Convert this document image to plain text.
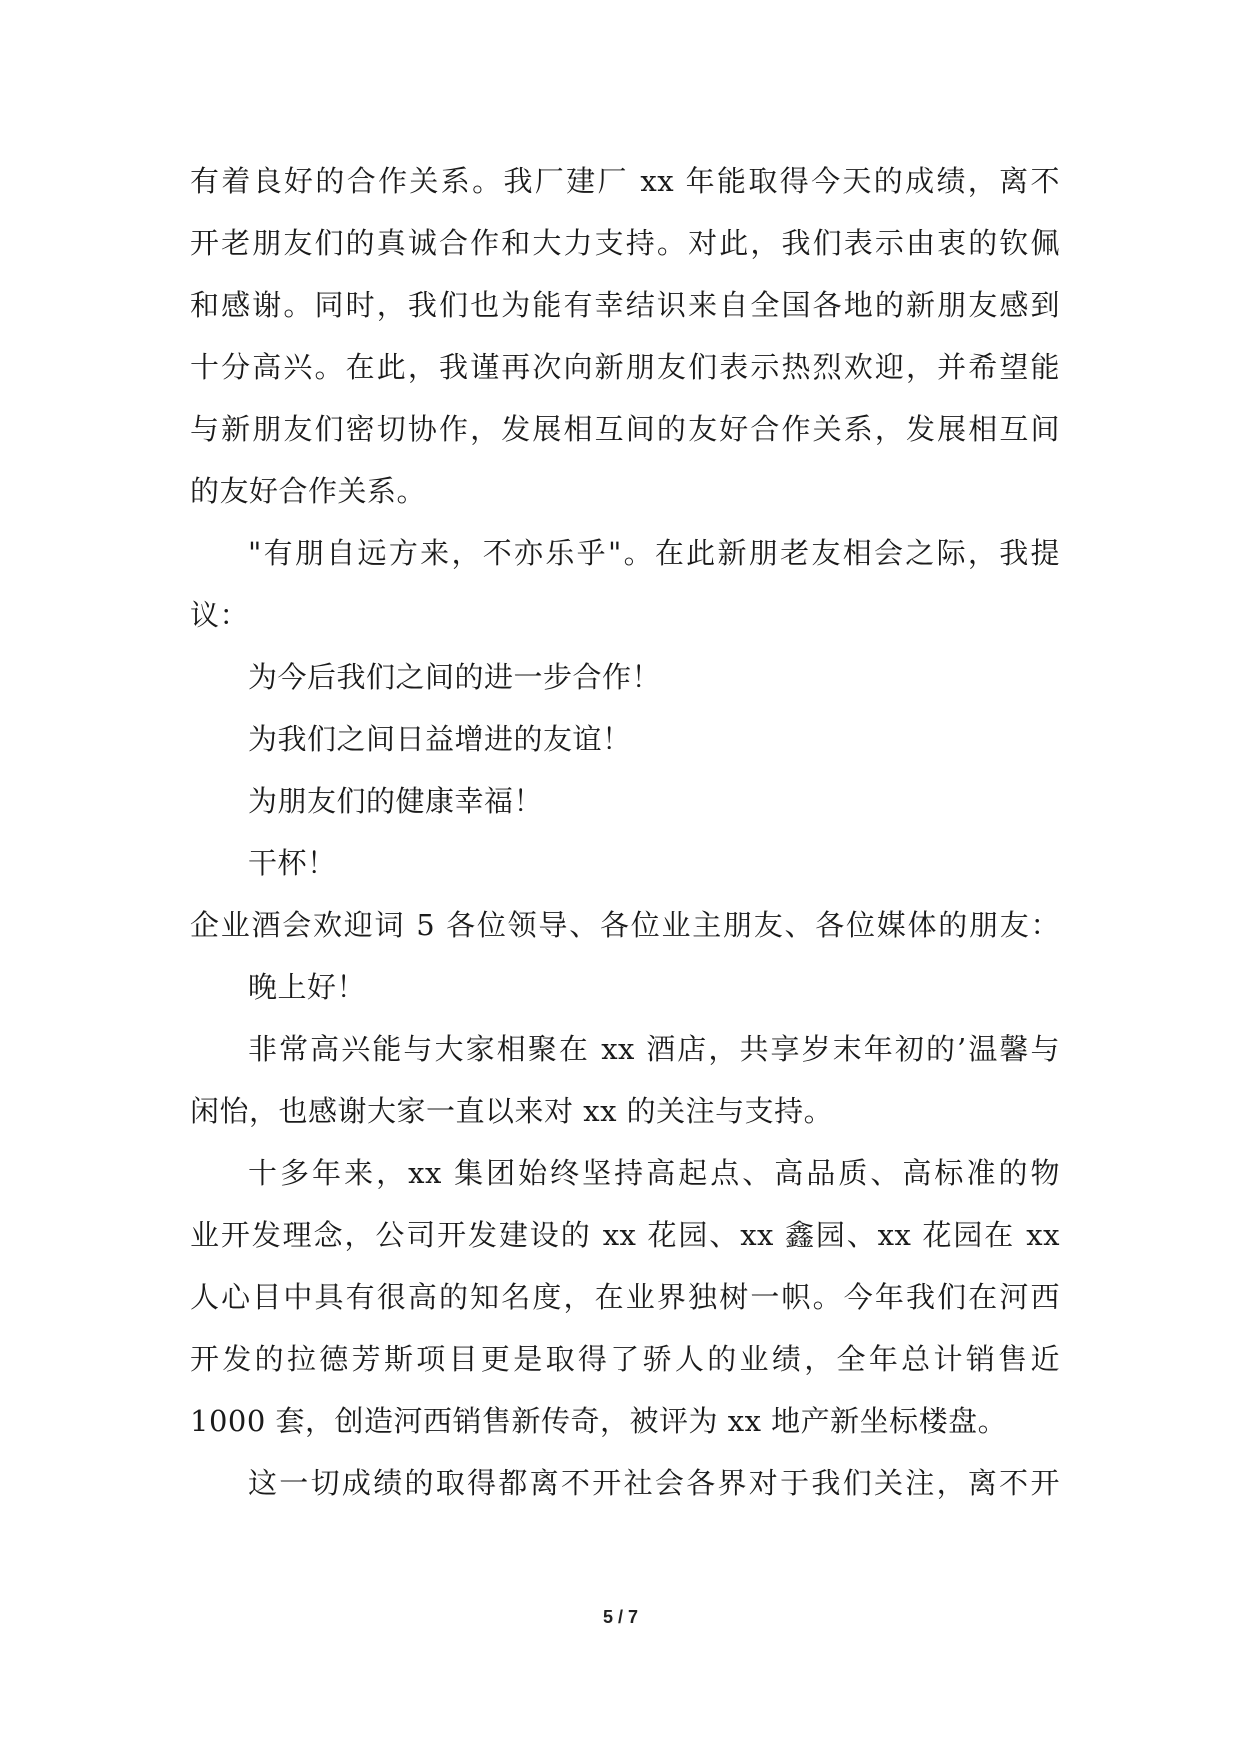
有着良好的合作关系。我厂建厂 xx 年能取得今天的成绩，离不
开老朋友们的真诚合作和大力支持。对此，我们表示由衷的钦佩
和感谢。同时，我们也为能有幸结识来自全国各地的新朋友感到
十分高兴。在此，我谨再次向新朋友们表示热烈欢迎，并希望能
与新朋友们密切协作，发展相互间的友好合作关系，发展相互间
的友好合作关系。
"有朋自远方来，不亦乐乎"。在此新朋老友相会之际，我提
议：
为今后我们之间的进一步合作！
为我们之间日益增进的友谊！
为朋友们的健康幸福！
干杯！
企业酒会欢迎词 5 各位领导、各位业主朋友、各位媒体的朋友：
晚上好！
非常高兴能与大家相聚在 xx 酒店，共享岁末年初的’温馨与
闲怡，也感谢大家一直以来对 xx 的关注与支持。
十多年来，xx 集团始终坚持高起点、高品质、高标准的物
业开发理念，公司开发建设的 xx 花园、xx 鑫园、xx 花园在 xx
人心目中具有很高的知名度，在业界独树一帜。今年我们在河西
开发的拉德芳斯项目更是取得了骄人的业绩，全年总计销售近
1000 套，创造河西销售新传奇，被评为 xx 地产新坐标楼盘。
这一切成绩的取得都离不开社会各界对于我们关注，离不开
5 / 7
